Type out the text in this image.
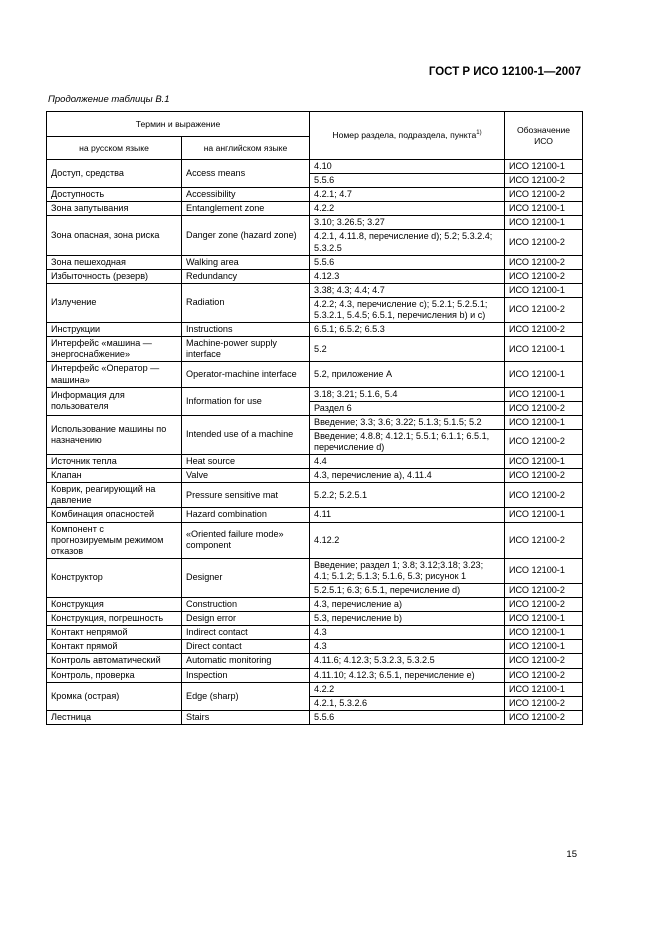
ГОСТ Р ИСО 12100-1—2007
Продолжение таблицы В.1
Термин и выражение		Номер раздела, подраздела, пункта$^{1)}$	Обозначение ИСО
на русском языке	на английском языке		
Доступ, средства	Access means	4.10	ИСО 12100-1
		5.5.6	ИСО 12100-2
Доступность	Accessibility	4.2.1; 4.7	ИСО 12100-2
Зона запутывания	Entanglement zone	4.2.2	ИСО 12100-1
Зона опасная, зона риска	Danger zone (hazard zone)	3.10; 3.26.5; 3.27	ИСО 12100-1
		4.2.1, 4.11.8, перечисление d); 5.2; 5.3.2.4; 5.3.2.5	ИСО 12100-2
Зона пешеходная	Walking area	5.5.6	ИСО 12100-2
Избыточность (резерв)	Redundancy	4.12.3	ИСО 12100-2
Излучение	Radiation	3.38; 4.3; 4.4; 4.7	ИСО 12100-1
		4.2.2; 4.3, перечисление с); 5.2.1; 5.2.5.1; 5.3.2.1, 5.4.5; 6.5.1, перечисления b) и с)	ИСО 12100-2
Инструкции	Instructions	6.5.1; 6.5.2; 6.5.3	ИСО 12100-2
Интерфейс «машина — энергоснабжение»	Machine-power supply interface	5.2	ИСО 12100-1
Интерфейс «Оператор — машина»	Operator-machine interface	5.2, приложение А	ИСО 12100-1
Информация для пользователя	Information for use	3.18; 3.21; 5.1.6, 5.4	ИСО 12100-1
		Раздел 6	ИСО 12100-2
Использование машины по назначению	Intended use of a machine	Введение; 3.3; 3.6; 3.22; 5.1.3; 5.1.5; 5.2	ИСО 12100-1
		Введение; 4.8.8; 4.12.1; 5.5.1; 6.1.1; 6.5.1, перечисление d)	ИСО 12100-2
Источник тепла	Heat source	4.4	ИСО 12100-1
Клапан	Valve	4.3, перечисление а), 4.11.4	ИСО 12100-2
Коврик, реагирующий на давление	Pressure sensitive mat	5.2.2; 5.2.5.1	ИСО 12100-2
Комбинация опасностей	Hazard combination	4.11	ИСО 12100-1
Компонент с прогнозируемым режимом отказов	«Oriented failure mode» component	4.12.2	ИСО 12100-2
Конструктор	Designer	Введение; раздел 1; 3.8; 3.12;3.18; 3.23; 4.1; 5.1.2; 5.1.3; 5.1.6, 5.3; рисунок 1	ИСО 12100-1
		5.2.5.1; 6.3; 6.5.1, перечисление d)	ИСО 12100-2
Конструкция	Construction	4.3, перечисление а)	ИСО 12100-2
Конструкция, погрешность	Design error	5.3, перечисление b)	ИСО 12100-1
Контакт непрямой	Indirect contact	4.3	ИСО 12100-1
Контакт прямой	Direct contact	4.3	ИСО 12100-1
Контроль автоматический	Automatic monitoring	4.11.6; 4.12.3; 5.3.2.3, 5.3.2.5	ИСО 12100-2
Контроль, проверка	Inspection	4.11.10; 4.12.3; 6.5.1, перечисление е)	ИСО 12100-2
Кромка (острая)	Edge (sharp)	4.2.2	ИСО 12100-1
		4.2.1, 5.3.2.6	ИСО 12100-2
Лестница	Stairs	5.5.6	ИСО 12100-2
15
